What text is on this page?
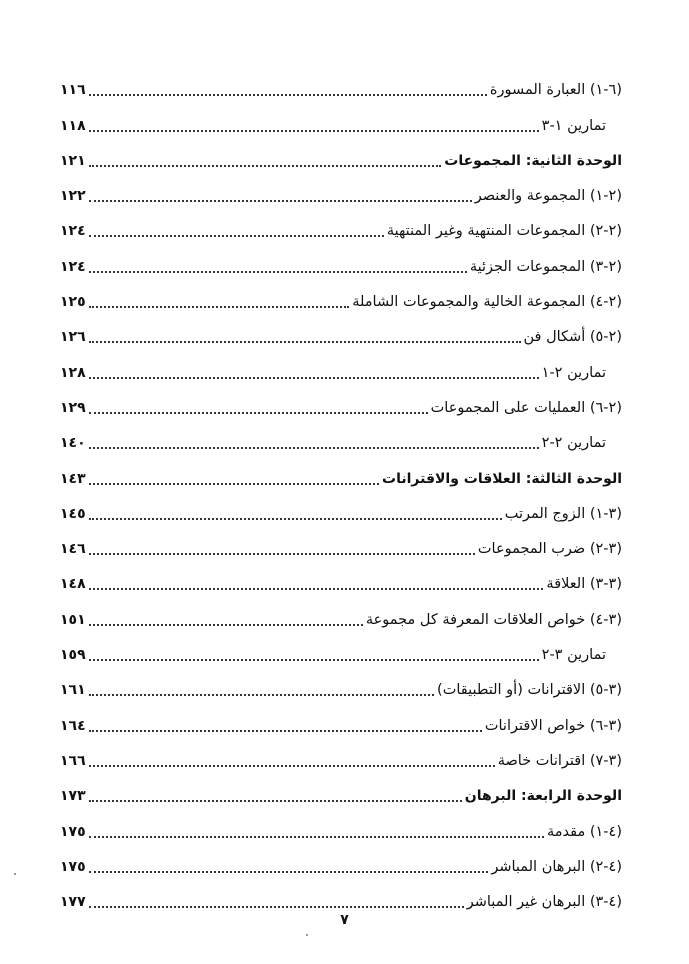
(٦-١) العبارة المسورة
١١٦
تمارين ١-٣
١١٨
الوحدة الثانية: المجموعات
١٢١
(٢-١) المجموعة والعنصر
١٢٢
(٢-٢) المجموعات المنتهية وغير المنتهية
١٢٤
(٢-٣) المجموعات الجزئية
١٢٤
(٢-٤) المجموعة الخالية والمجموعات الشاملة
١٢٥
(٢-٥) أشكال فن
١٢٦
تمارين ٢-١
١٢٨
(٢-٦) العمليات على المجموعات
١٢٩
تمارين ٢-٢
١٤٠
الوحدة الثالثة: العلاقات والاقترانات
١٤٣
(٣-١) الزوج المرتب
١٤٥
(٣-٢) ضرب المجموعات
١٤٦
(٣-٣) العلاقة
١٤٨
(٣-٤) خواص العلاقات المعرفة كل مجموعة
١٥١
تمارين ٣-٢
١٥٩
(٣-٥) الاقترانات (أو التطبيقات)
١٦١
(٣-٦) خواص الاقترانات
١٦٤
(٣-٧) اقترانات خاصة
١٦٦
الوحدة الرابعة: البرهان
١٧٣
(٤-١) مقدمة
١٧٥
(٤-٢) البرهان المباشر
١٧٥
(٤-٣) البرهان غير المباشر
١٧٧
٧
